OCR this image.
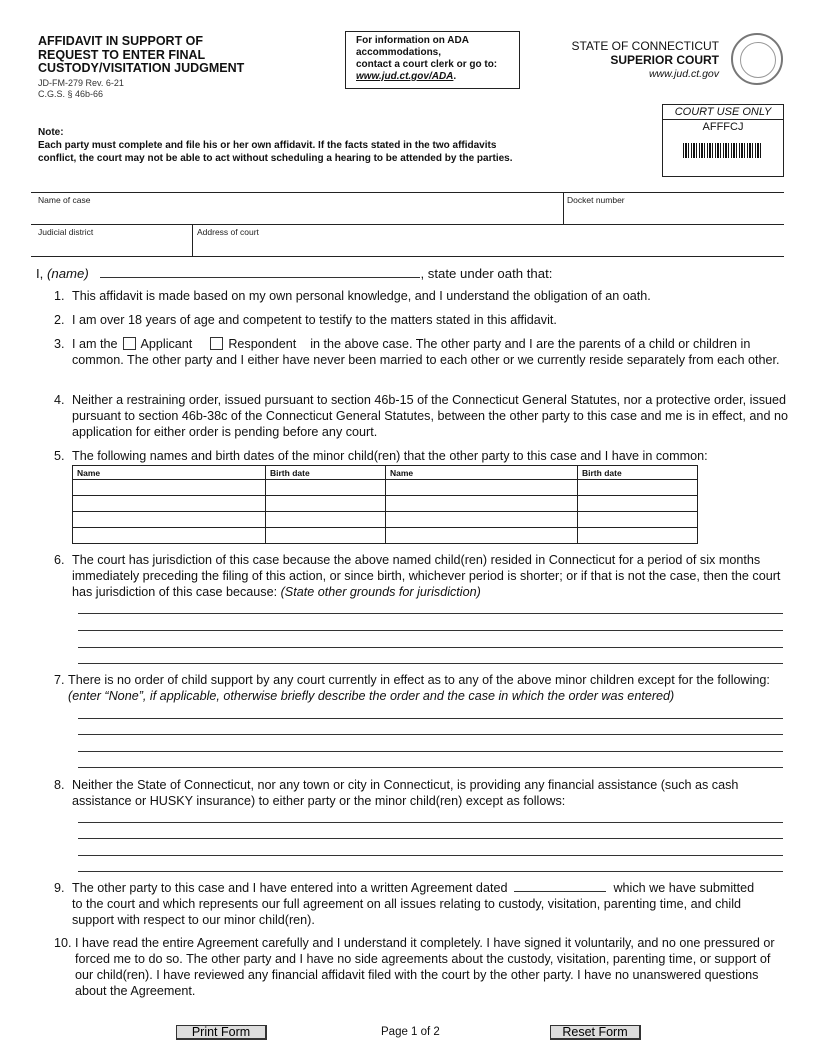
AFFIDAVIT IN SUPPORT OF
REQUEST TO ENTER FINAL
CUSTODY/VISITATION JUDGMENT
JD-FM-279 Rev. 6-21
C.G.S. § 46b-66
For information on ADA
accommodations,
contact a court clerk or go to:
www.jud.ct.gov/ADA.
STATE OF CONNECTICUT
SUPERIOR COURT
www.jud.ct.gov
COURT USE ONLY
AFFFCJ
Note:
Each party must complete and file his or her own affidavit. If the facts stated in the two affidavits
conflict, the court may not be able to act without scheduling a hearing to be attended by the parties.
Name of case	Docket number
Judicial district	Address of court
I, (name)	, state under oath that:
1. This affidavit is made based on my own personal knowledge, and I understand the obligation of an oath.
2. I am over 18 years of age and competent to testify to the matters stated in this affidavit.
3. I am the Applicant	Respondent in the above case. The other party and I are the parents of a child or children in common. The other party and I either have never been married to each other or we currently reside separately from each other.
4. Neither a restraining order, issued pursuant to section 46b-15 of the Connecticut General Statutes, nor a protective order, issued pursuant to section 46b-38c of the Connecticut General Statutes, between the other party to this case and me is in effect, and no application for either order is pending before any court.
5. The following names and birth dates of the minor child(ren) that the other party to this case and I have in common:
Name	Birth date	Name	Birth date

6. The court has jurisdiction of this case because the above named child(ren) resided in Connecticut for a period of six months immediately preceding the filing of this action, or since birth, whichever period is shorter; or if that is not the case, then the court has jurisdiction of this case because: (State other grounds for jurisdiction)
7. There is no order of child support by any court currently in effect as to any of the above minor children except for the following: (enter “None”, if applicable, otherwise briefly describe the order and the case in which the order was entered)
8. Neither the State of Connecticut, nor any town or city in Connecticut, is providing any financial assistance (such as cash assistance or HUSKY insurance) to either party or the minor child(ren) except as follows:
9. The other party to this case and I have entered into a written Agreement dated	which we have submitted to the court and which represents our full agreement on all issues relating to custody, visitation, parenting time, and child support with respect to our minor child(ren).
10. I have read the entire Agreement carefully and I understand it completely. I have signed it voluntarily, and no one pressured or forced me to do so. The other party and I have no side agreements about the custody, visitation, parenting time, or support of our child(ren). I have reviewed any financial affidavit filed with the court by the other party. I have no unanswered questions about the Agreement.
Print Form	Page 1 of 2	Reset Form
